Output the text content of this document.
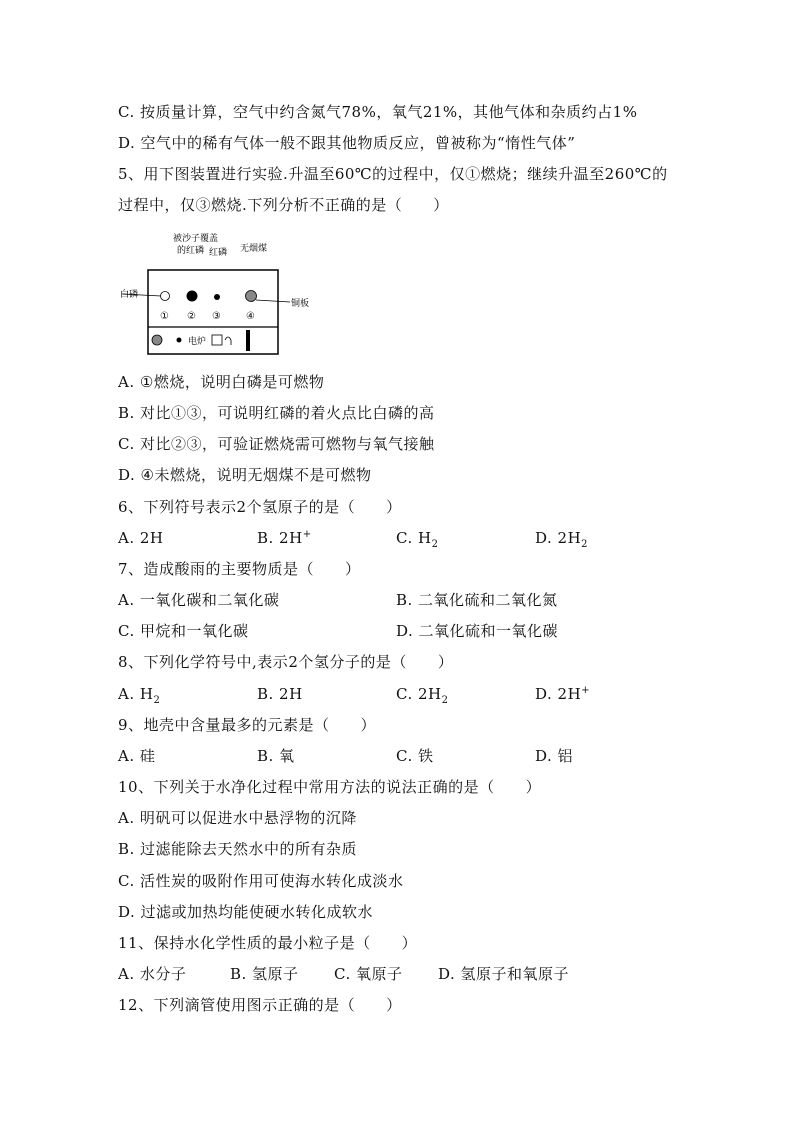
C. 按质量计算，空气中约含氮气78%，氧气21%，其他气体和杂质约占1%
D. 空气中的稀有气体一般不跟其他物质反应，曾被称为“惰性气体”
5、用下图装置进行实验.升温至60℃的过程中，仅①燃烧；继续升温至260℃的
过程中，仅③燃烧.下列分析不正确的是（　　）
白磷
铜板
被沙子覆盖
的红磷 红磷 无烟煤
① ② ③	④
电炉
A. ①燃烧，说明白磷是可燃物
B. 对比①③，可说明红磷的着火点比白磷的高
C. 对比②③，可验证燃烧需可燃物与氧气接触
D. ④未燃烧，说明无烟煤不是可燃物
6、下列符号表示2个氢原子的是（　　）
A. 2H	B. 2H+	C. $H_2$	D. $2H_2$
7、造成酸雨的主要物质是（　　）
A. 一氧化碳和二氧化碳	B. 二氧化硫和二氧化氮
C. 甲烷和一氧化碳	D. 二氧化硫和一氧化碳
8、下列化学符号中,表示2个氢分子的是（　　）
A. $H_2$	B. 2H	C. $2H_2$	D. 2H+
9、地壳中含量最多的元素是（　　）
A. 硅	B. 氧	C. 铁	D. 铝
10、下列关于水净化过程中常用方法的说法正确的是（　　）
A. 明矾可以促进水中悬浮物的沉降
B. 过滤能除去天然水中的所有杂质
C. 活性炭的吸附作用可使海水转化成淡水
D. 过滤或加热均能使硬水转化成软水
11、保持水化学性质的最小粒子是（　　）
A. 水分子	B. 氢原子 C. 氧原子 D. 氢原子和氧原子
12、下列滴管使用图示正确的是（　　）
